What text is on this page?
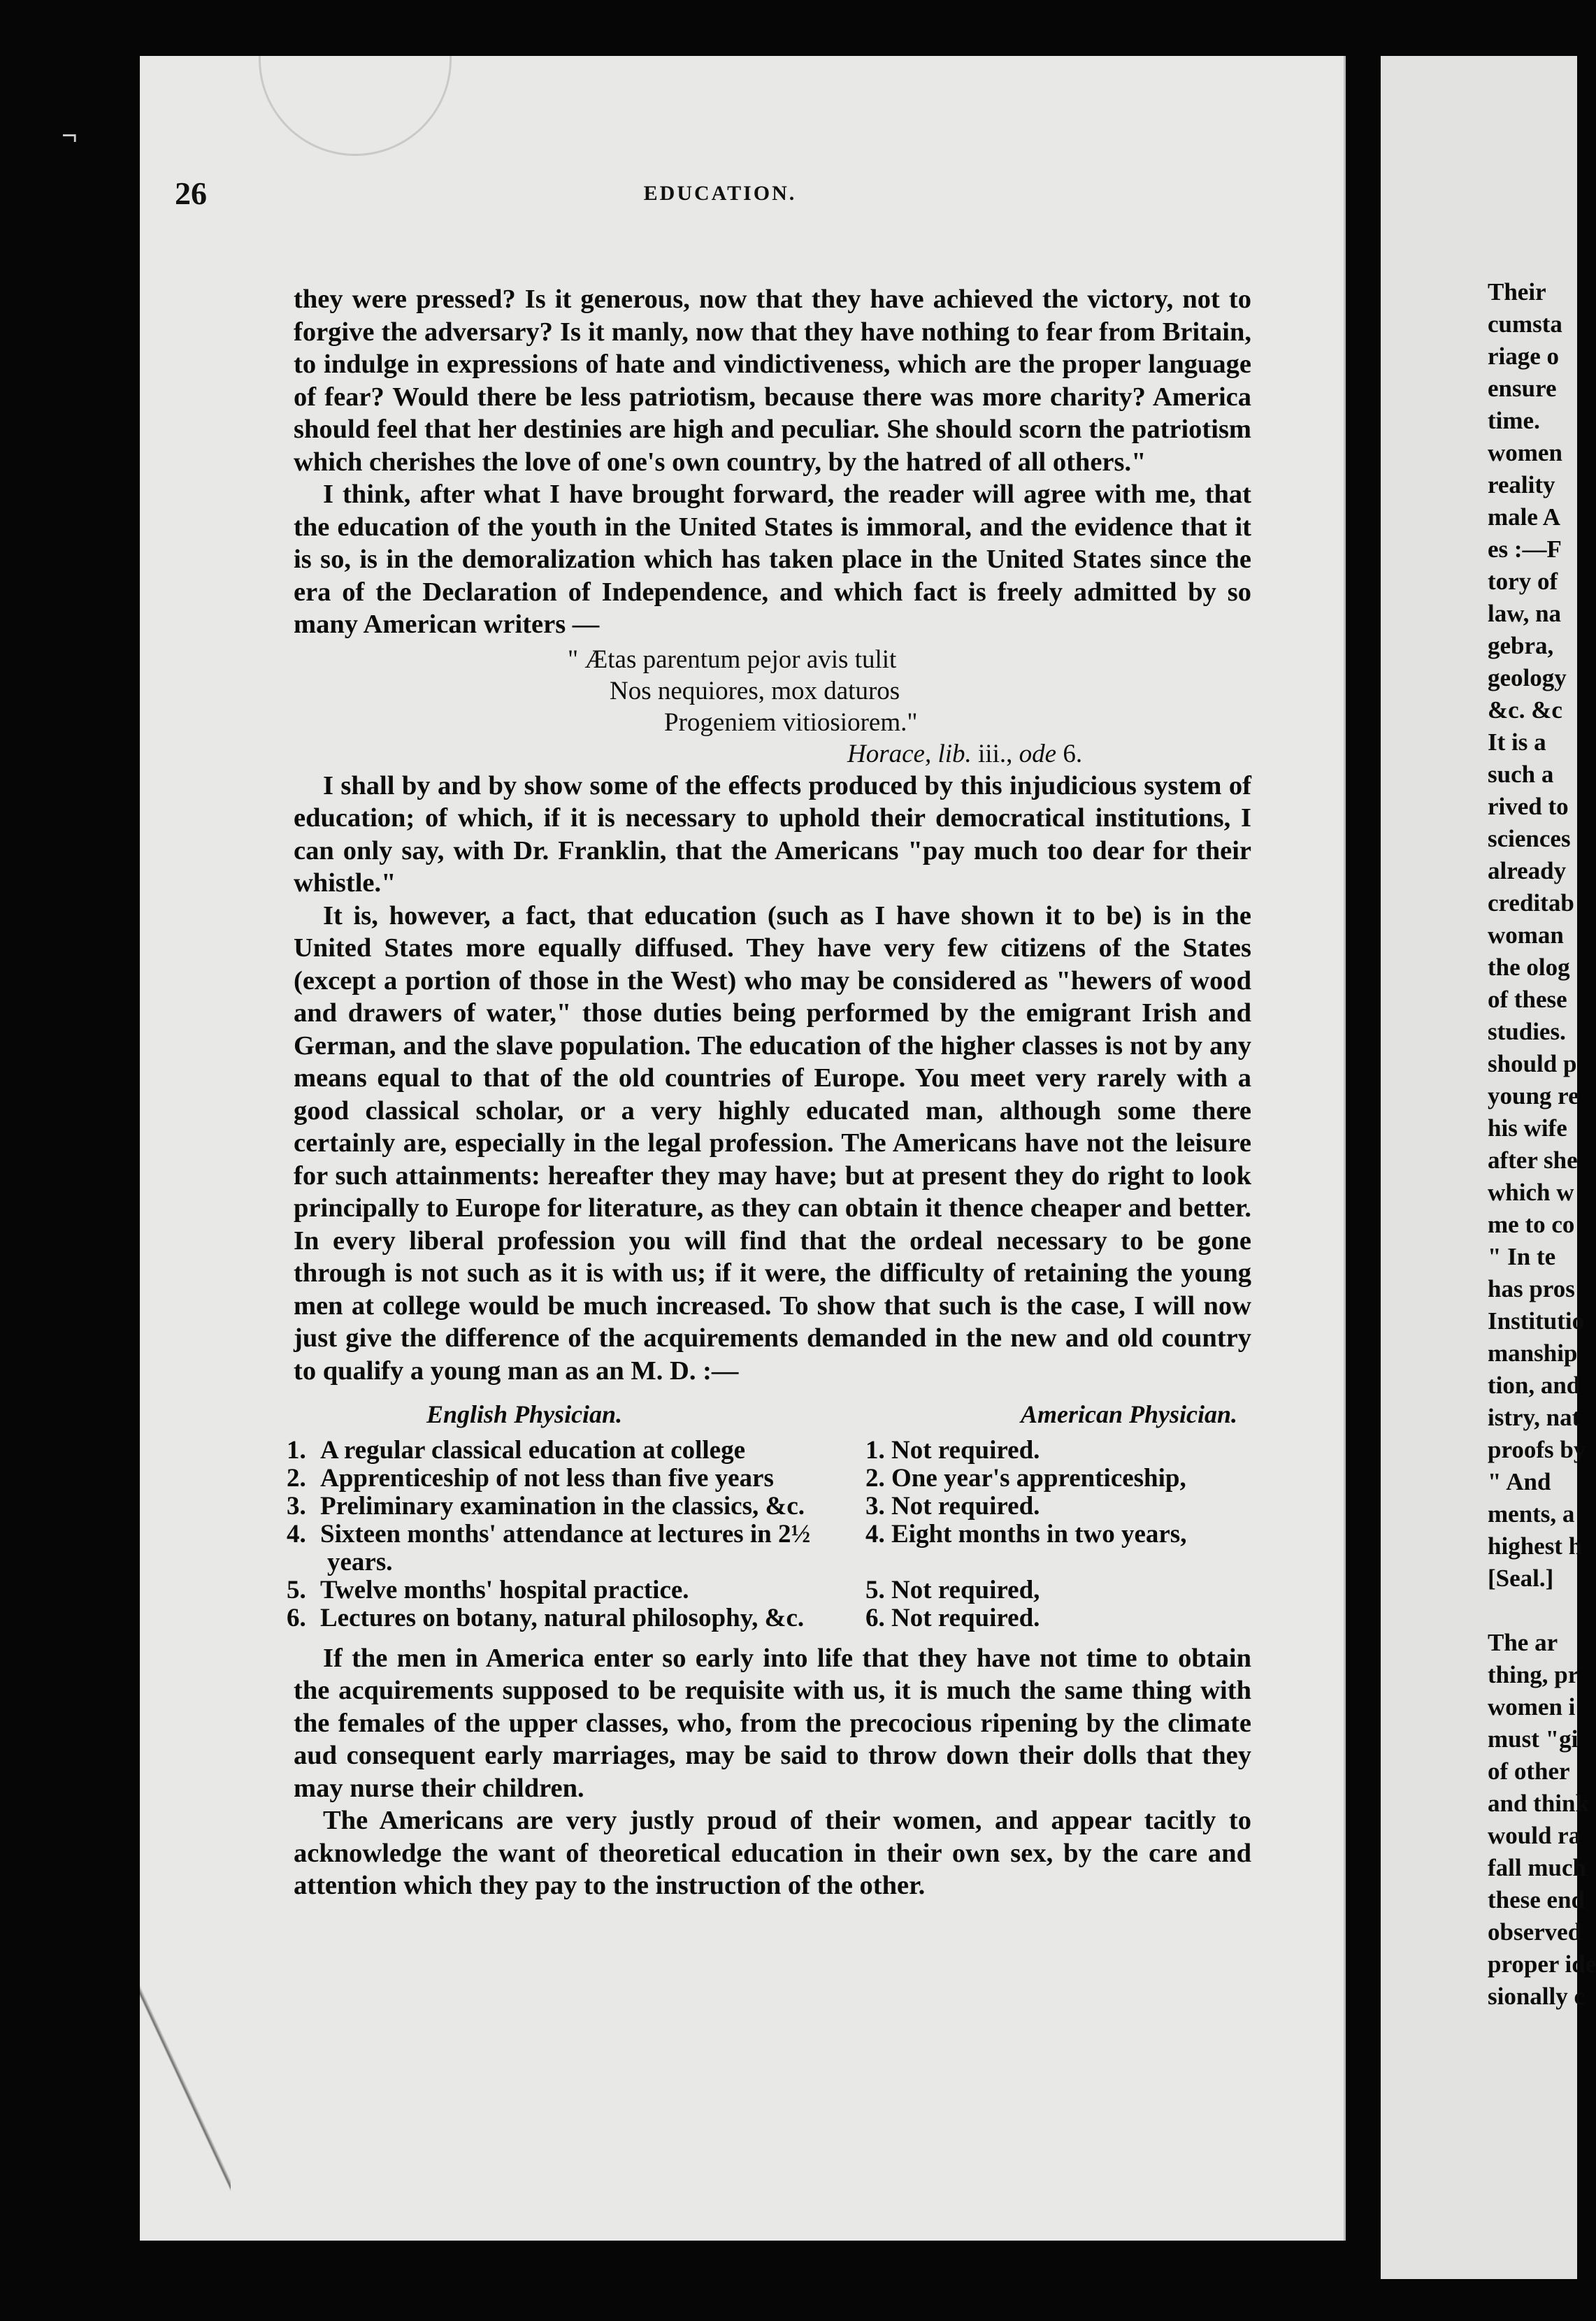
¬
26	EDUCATION.

they were pressed? Is it generous, now that they have achieved the victory, not to forgive the adversary? Is it manly, now that they have nothing to fear from Britain, to indulge in expressions of hate and vindictiveness, which are the proper language of fear? Would there be less patriotism, because there was more charity? America should feel that her destinies are high and peculiar. She should scorn the patriotism which cherishes the love of one's own country, by the hatred of all others."

I think, after what I have brought forward, the reader will agree with me, that the education of the youth in the United States is immoral, and the evidence that it is so, is in the demoralization which has taken place in the United States since the era of the Declaration of Independence, and which fact is freely admitted by so many American writers —

" Ætas parentum pejor avis tulit
Nos nequiores, mox daturos
Progeniem vitiosiorem."
Horace, lib. iii., ode 6.

I shall by and by show some of the effects produced by this injudicious system of education; of which, if it is necessary to uphold their democratical institutions, I can only say, with Dr. Franklin, that the Americans "pay much too dear for their whistle."

It is, however, a fact, that education (such as I have shown it to be) is in the United States more equally diffused. They have very few citizens of the States (except a portion of those in the West) who may be considered as "hewers of wood and drawers of water," those duties being performed by the emigrant Irish and German, and the slave population. The education of the higher classes is not by any means equal to that of the old countries of Europe. You meet very rarely with a good classical scholar, or a very highly educated man, although some there certainly are, especially in the legal profession. The Americans have not the leisure for such attainments: hereafter they may have; but at present they do right to look principally to Europe for literature, as they can obtain it thence cheaper and better. In every liberal profession you will find that the ordeal necessary to be gone through is not such as it is with us; if it were, the difficulty of retaining the young men at college would be much increased. To show that such is the case, I will now just give the difference of the acquirements demanded in the new and old country to qualify a young man as an M. D. :—

English Physician.	American Physician.
1. A regular classical education at college	1. Not required.
2. Apprenticeship of not less than five years	2. One year's apprenticeship,
3. Preliminary examination in the classics, &c.	3. Not required.
4. Sixteen months' attendance at lectures in 2½	4. Eight months in two years,
years.
5. Twelve months' hospital practice.	5. Not required,
6. Lectures on botany, natural philosophy, &c.	6. Not required.

If the men in America enter so early into life that they have not time to obtain the acquirements supposed to be requisite with us, it is much the same thing with the females of the upper classes, who, from the precocious ripening by the climate aud consequent early marriages, may be said to throw down their dolls that they may nurse their children.

The Americans are very justly proud of their women, and appear tacitly to acknowledge the want of theoretical education in their own sex, by the care and attention which they pay to the instruction of the other.

Their
cumsta
riage o
ensure
time.
women
reality
male A
es :—F
tory of
law, na
gebra,
geology
&c. &c
It is a
such a
rived to
sciences
already
creditab
woman
the olog
of these
studies.
should p
young re
his wife
after she
which w
me to co
" In te
has pros
Institutio
manship
tion, and
istry, nat
proofs by
" And
ments, a
highest h
[Seal.]
The ar
thing, pr
women i
must "gi
of other
and think
would ra
fall much
these end
observed
proper ide
sionally c
